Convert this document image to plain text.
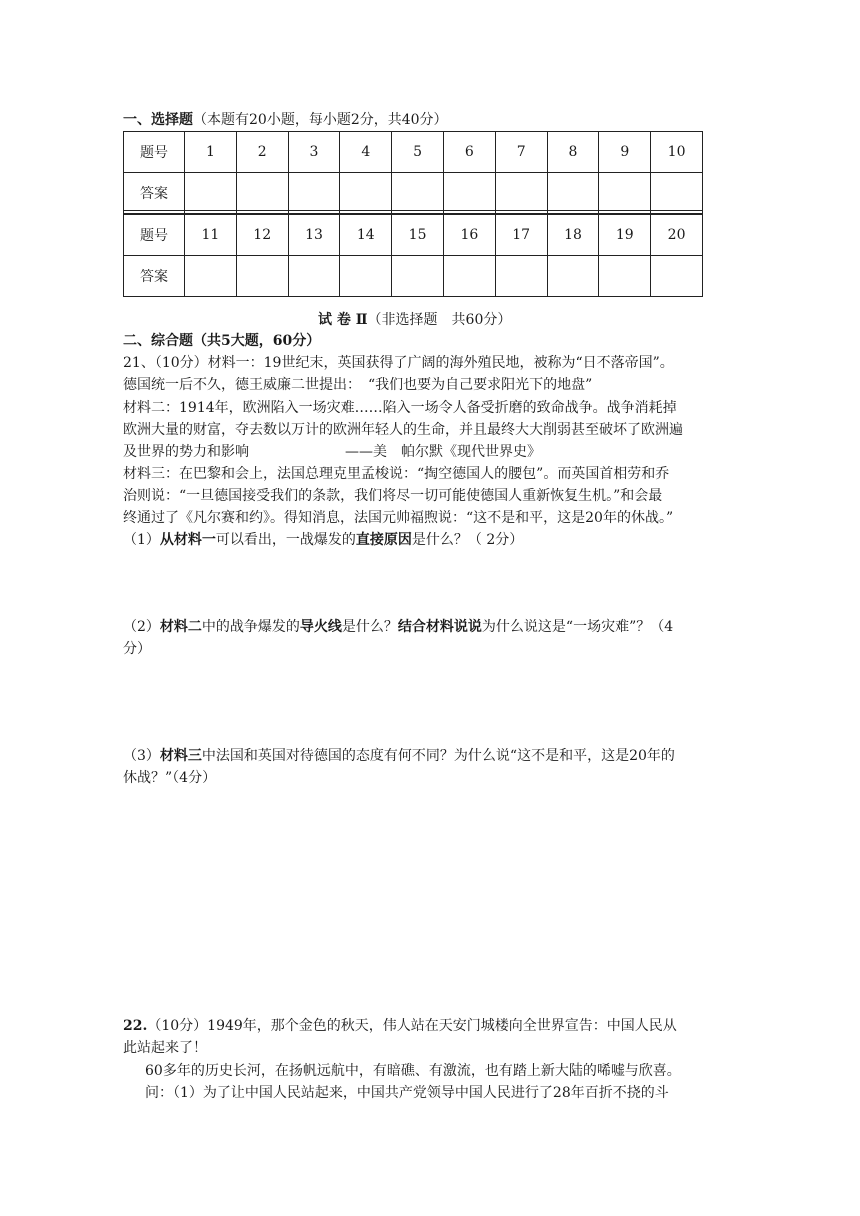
一、选择题（本题有20小题，每小题2分，共40分）
题号	1	2	3	4	5	6	7	8	9	10
答案										
题号	11	12	13	14	15	16	17	18	19	20
答案										
试 卷 Ⅱ（非选择题　共60分）
二、综合题（共5大题，60分）
21、（10分）材料一：19世纪末，英国获得了广阔的海外殖民地，被称为“日不落帝国”。
德国统一后不久，德王威廉二世提出：　“我们也要为自己要求阳光下的地盘”
材料二：1914年，欧洲陷入一场灾难……陷入一场令人备受折磨的致命战争。战争消耗掉
欧洲大量的财富，夺去数以万计的欧洲年轻人的生命，并且最终大大削弱甚至破坏了欧洲遍
及世界的势力和影响	——美　帕尔默《现代世界史》
材料三：在巴黎和会上，法国总理克里孟梭说：“掏空德国人的腰包”。而英国首相劳和乔
治则说：“一旦德国接受我们的条款，我们将尽一切可能使德国人重新恢复生机。”和会最
终通过了《凡尔赛和约》。得知消息，法国元帅福煦说：“这不是和平，这是20年的休战。”
（1）从材料一可以看出，一战爆发的直接原因是什么？（ 2分）
（2）材料二中的战争爆发的导火线是什么？结合材料说说为什么说这是“一场灾难”？（4
分）
（3）材料三中法国和英国对待德国的态度有何不同？为什么说“这不是和平，这是20年的
休战？”（4分）
22.（10分）1949年，那个金色的秋天，伟人站在天安门城楼向全世界宣告：中国人民从
此站起来了！
60多年的历史长河，在扬帆远航中，有暗礁、有激流，也有踏上新大陆的唏嘘与欣喜。
问：（1）为了让中国人民站起来，中国共产党领导中国人民进行了28年百折不挠的斗
